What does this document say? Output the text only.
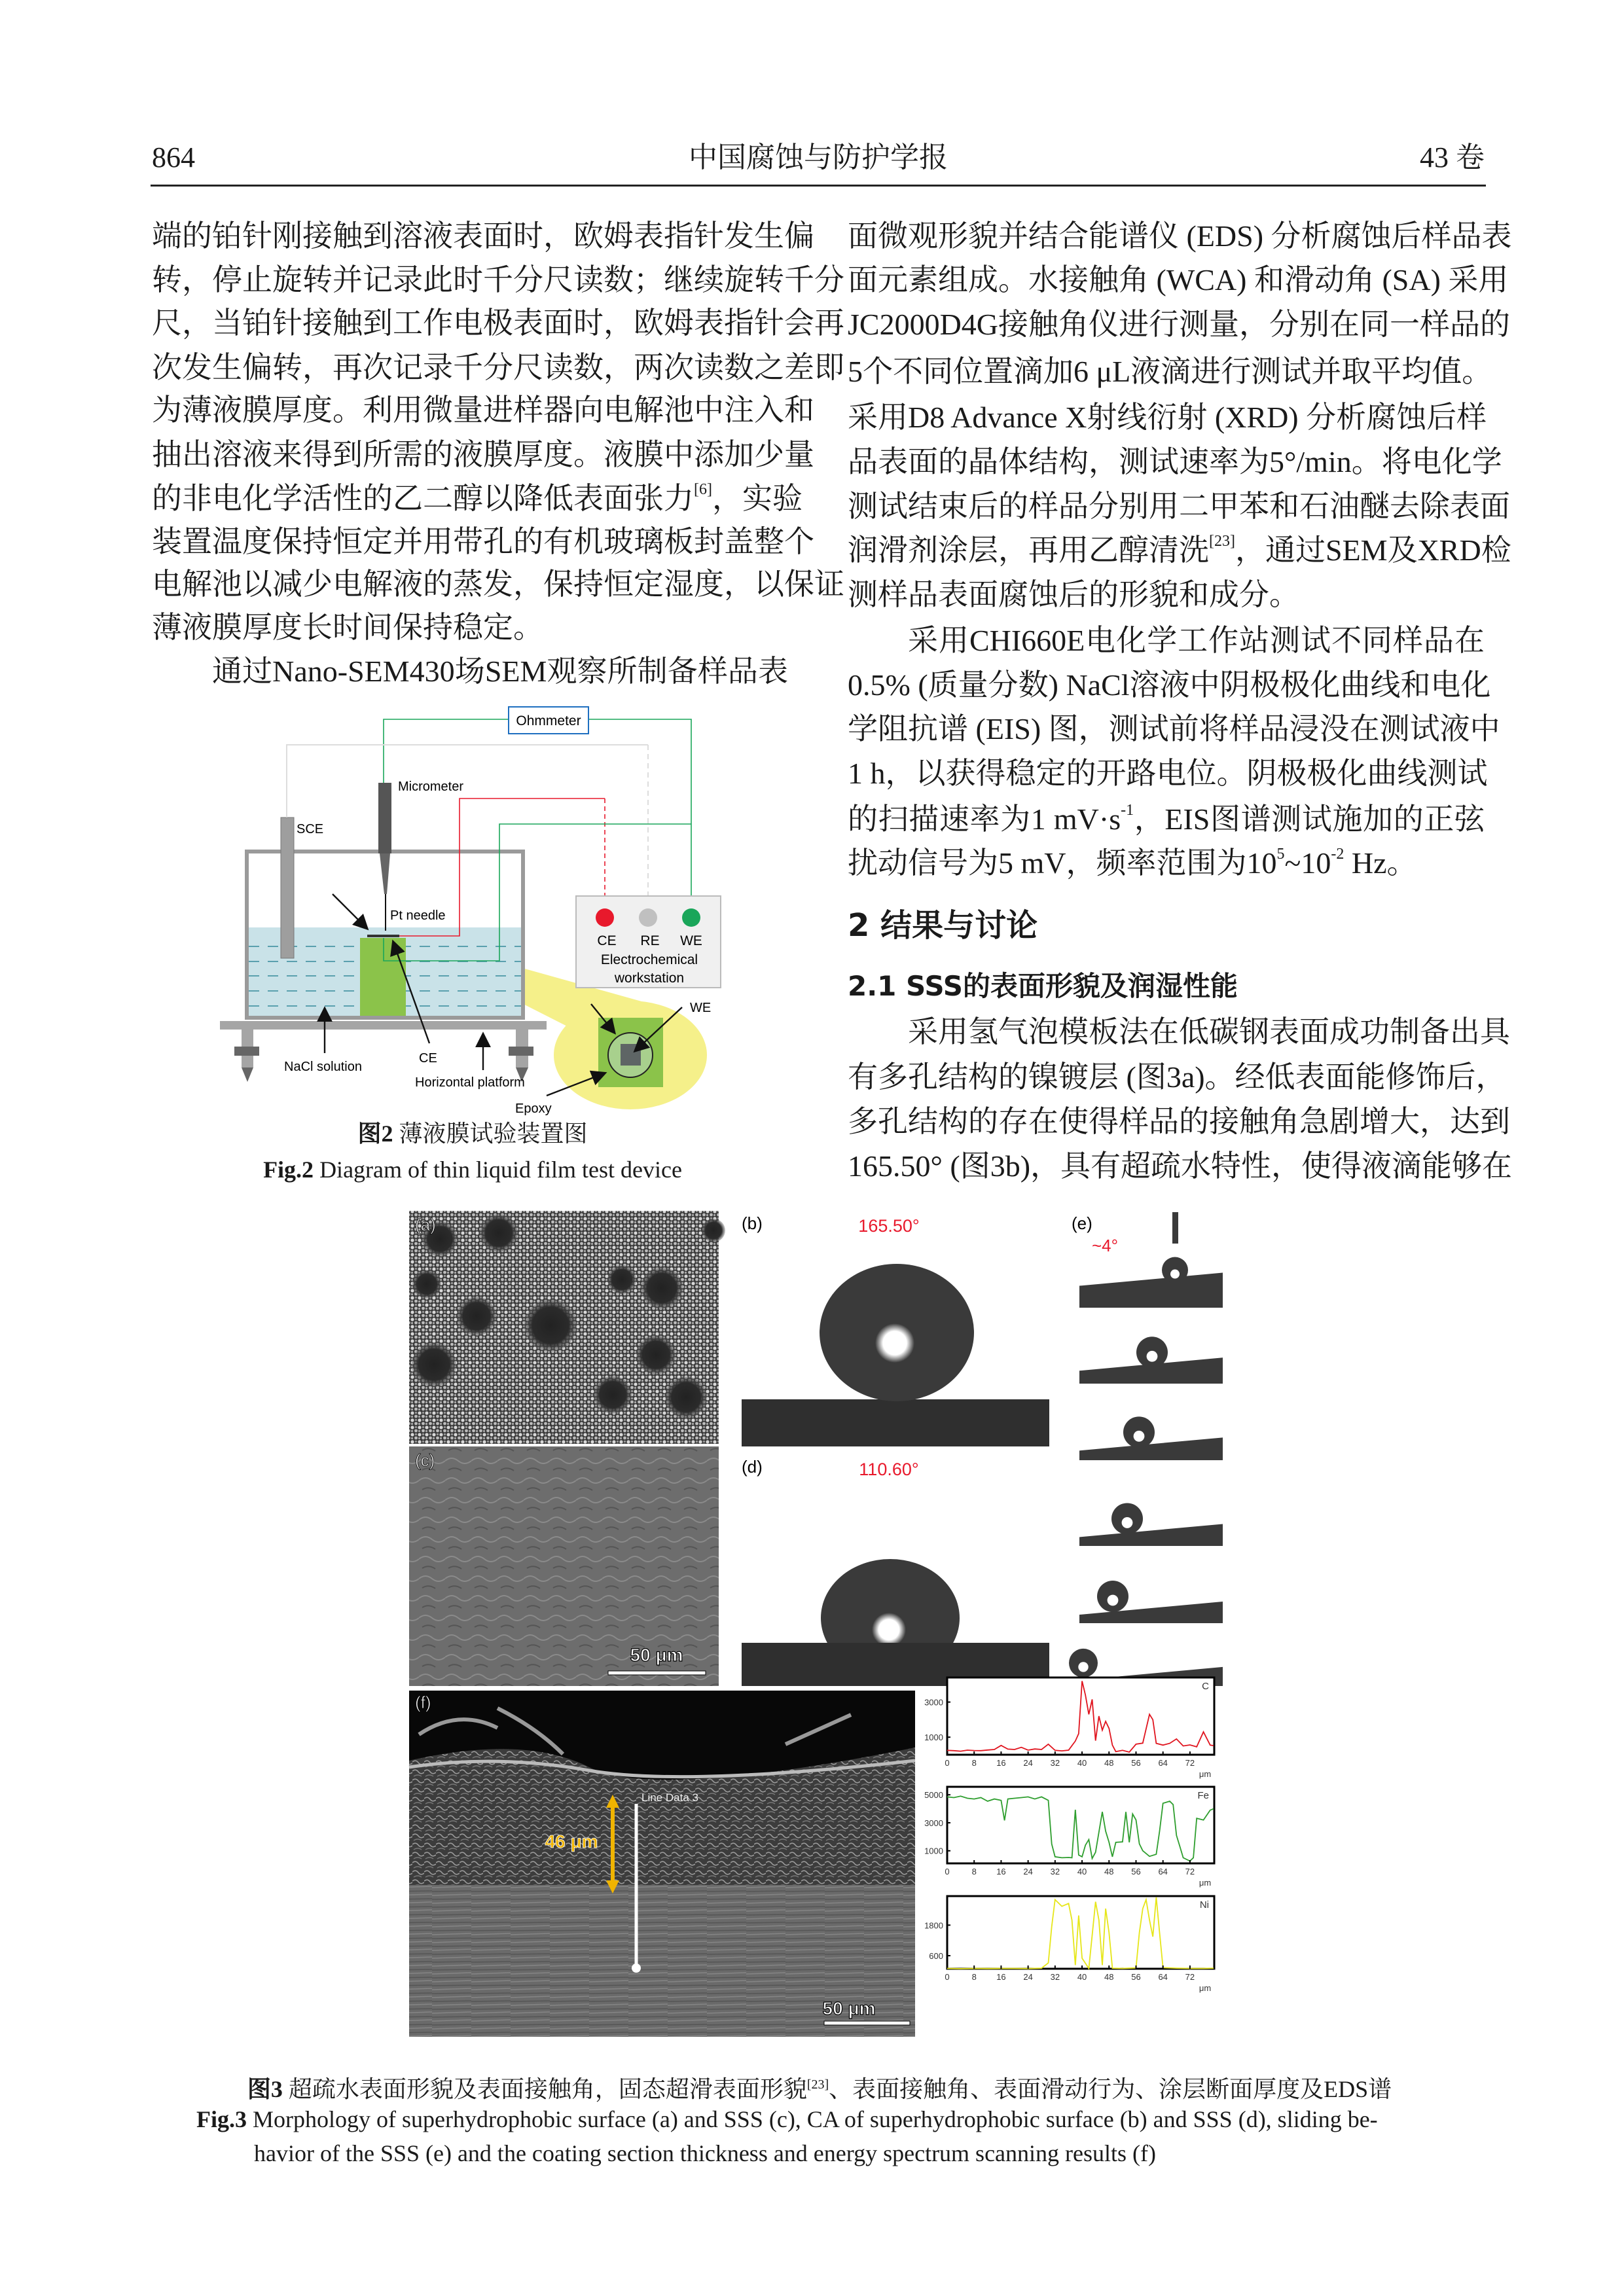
864	中国腐蚀与防护学报	43 卷
端的铂针刚接触到溶液表面时，欧姆表指针发生偏
转，停止旋转并记录此时千分尺读数；继续旋转千分
尺，当铂针接触到工作电极表面时，欧姆表指针会再
次发生偏转，再次记录千分尺读数，两次读数之差即
为薄液膜厚度。利用微量进样器向电解池中注入和
抽出溶液来得到所需的液膜厚度。液膜中添加少量
的非电化学活性的乙二醇以降低表面张力[6]，实验
装置温度保持恒定并用带孔的有机玻璃板封盖整个
电解池以减少电解液的蒸发，保持恒定湿度，以保证
薄液膜厚度长时间保持稳定。
通过Nano-SEM430场SEM观察所制备样品表
面微观形貌并结合能谱仪 (EDS) 分析腐蚀后样品表
面元素组成。水接触角 (WCA) 和滑动角 (SA) 采用
JC2000D4G接触角仪进行测量，分别在同一样品的
5个不同位置滴加6 μL液滴进行测试并取平均值。
采用D8 Advance X射线衍射 (XRD) 分析腐蚀后样
品表面的晶体结构，测试速率为5°/min。将电化学
测试结束后的样品分别用二甲苯和石油醚去除表面
润滑剂涂层，再用乙醇清洗[23]，通过SEM及XRD检
测样品表面腐蚀后的形貌和成分。
采用CHI660E电化学工作站测试不同样品在
0.5% (质量分数) NaCl溶液中阴极极化曲线和电化
学阻抗谱 (EIS) 图，测试前将样品浸没在测试液中
1 h，以获得稳定的开路电位。阴极极化曲线测试
的扫描速率为1 $mV\cdot s^{-1}$，EIS图谱测试施加的正弦
扰动信号为5 mV，频率范围为$10^5\sim 10^{-2}$ Hz。
2 结果与讨论
2.1 SSS的表面形貌及润湿性能
采用氢气泡模板法在低碳钢表面成功制备出具
有多孔结构的镍镀层 (图3a)。经低表面能修饰后，
多孔结构的存在使得样品的接触角急剧增大，达到
165.50° (图3b)，具有超疏水特性，使得液滴能够在
Ohmmeter
CE RE WE
Electrochemical
workstation
Micrometer
SCE
Pt needle
NaCl solution
CE
Horizontal platform
Epoxy
WE
(a)
(c)
50 μm
(b)	165.50°
(d)	110.60°
(e)
~4°
46 μm
Line Data 3
(f)
50 μm
C
0	8 16 24 32 40 48 56 64 72
μm
1000
3000
Fe
0	8 16 24 32 40 48 56 64 72
μm
1000
3000
5000
Ni
0	8 16 24 32 40 48 56 64 72
μm
600
1800
图2 薄液膜试验装置图
Fig.2 Diagram of thin liquid film test device
图3 超疏水表面形貌及表面接触角，固态超滑表面形貌[23]、表面接触角、表面滑动行为、涂层断面厚度及EDS谱
Fig.3 Morphology of superhydrophobic surface (a) and SSS (c), CA of superhydrophobic surface (b) and SSS (d), sliding be-
havior of the SSS (e) and the coating section thickness and energy spectrum scanning results (f)
